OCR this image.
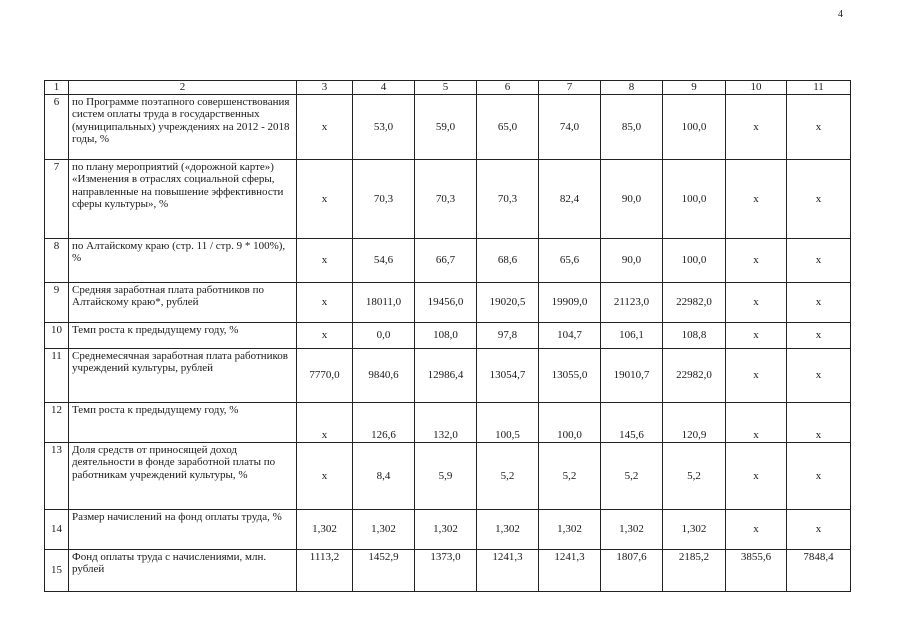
4
1	2	3	4	5	6	7	8	9	10	11
6	по Программе поэтапного совершенствования систем оплаты труда в государственных (муниципальных) учреждениях на 2012 - 2018 годы, %	х	53,0	59,0	65,0	74,0	85,0	100,0	х	х
7	по плану мероприятий («дорожной карте») «Изменения в отраслях социальной сферы, направленные на повышение эффективности сферы культуры», %	х	70,3	70,3	70,3	82,4	90,0	100,0	х	х
8	по Алтайскому краю (стр. 11 / стр. 9 * 100%), %	х	54,6	66,7	68,6	65,6	90,0	100,0	х	х
9	Средняя заработная плата работников по Алтайскому краю*, рублей	х	18011,0	19456,0	19020,5	19909,0	21123,0	22982,0	х	х
10	Темп роста к предыдущему году, %	х	0,0	108,0	97,8	104,7	106,1	108,8	х	х
11	Среднемесячная заработная плата работников учреждений культуры, рублей	7770,0	9840,6	12986,4	13054,7	13055,0	19010,7	22982,0	х	х
12	Темп роста к предыдущему году, %	х	126,6	132,0	100,5	100,0	145,6	120,9	х	х
13	Доля средств от приносящей доход деятельности в фонде заработной платы по работникам учреждений культуры, %	х	8,4	5,9	5,2	5,2	5,2	5,2	х	х
14	Размер начислений на фонд оплаты труда, %	1,302	1,302	1,302	1,302	1,302	1,302	1,302	х	х
15	Фонд оплаты труда с начислениями, млн. рублей	1113,2	1452,9	1373,0	1241,3	1241,3	1807,6	2185,2	3855,6	7848,4
